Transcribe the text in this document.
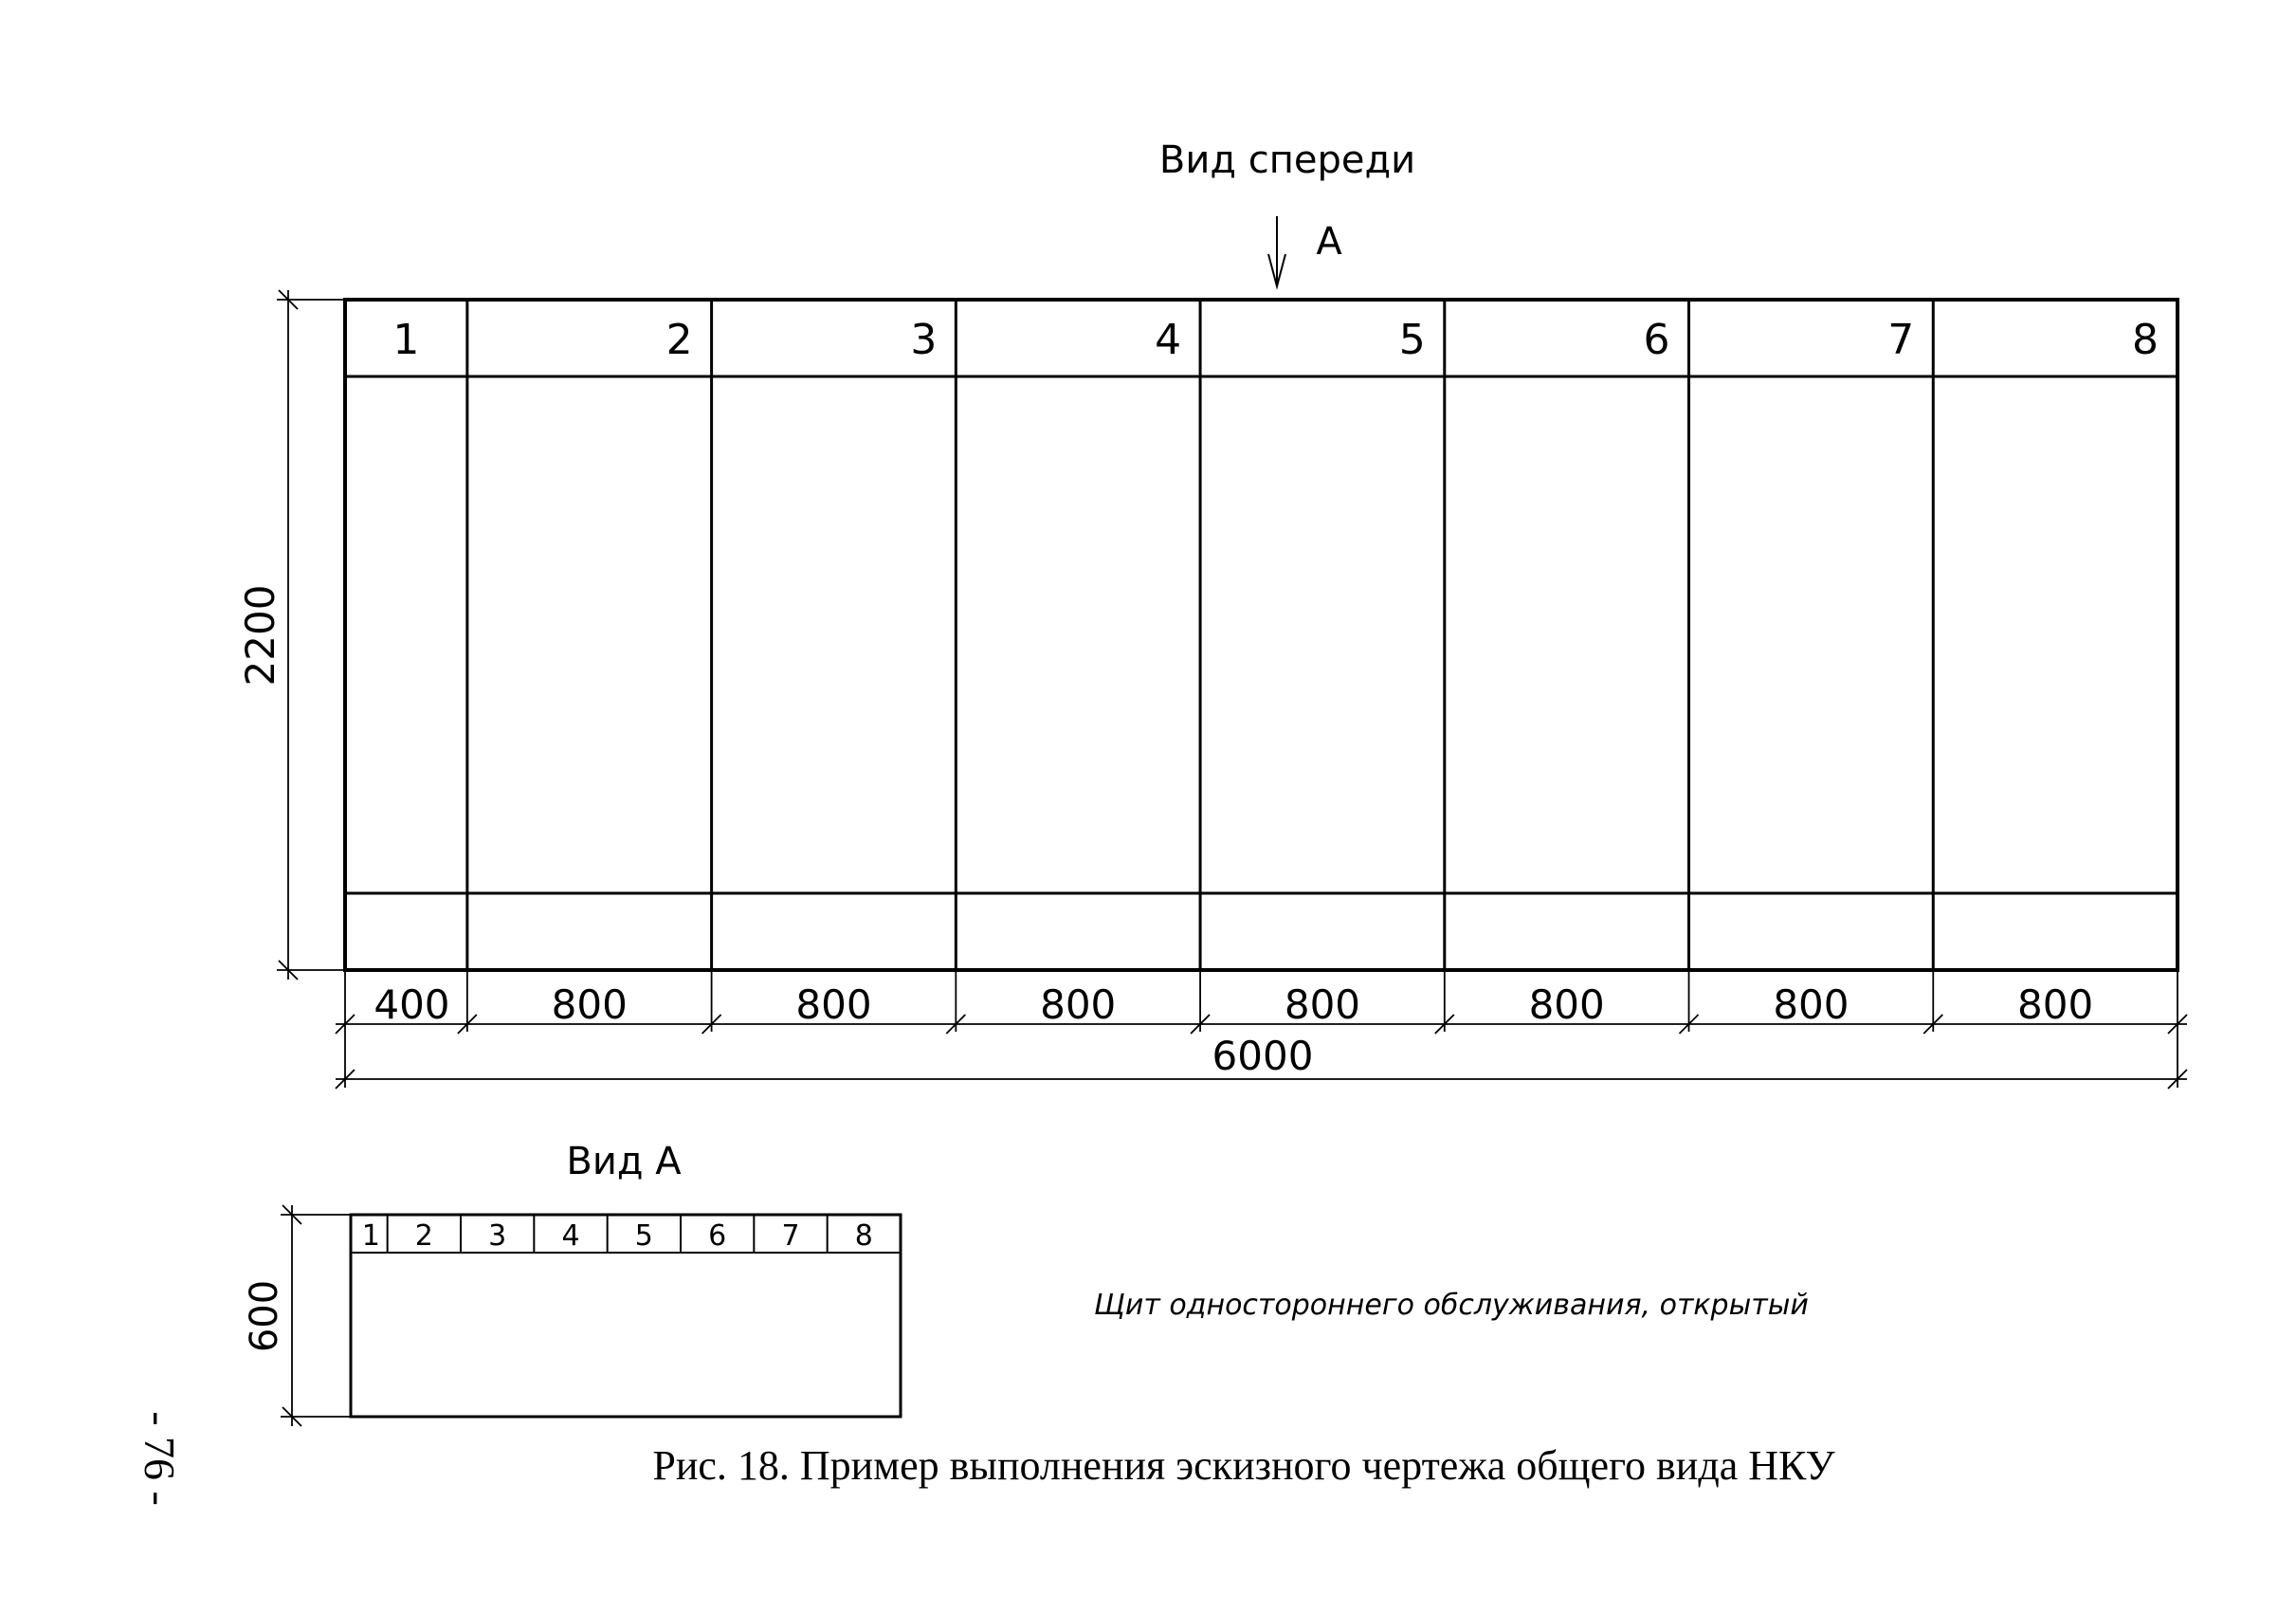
Вид спереди
А
1	2	3	4	5	6	7	8
2200
400	800	800	800	800	800	800	800
6000
Вид А
1 2 3 4 5 6 7 8
600	Щит одностороннего обслуживания, открытый
Рис. 18. Пример выполнения эскизного чертежа общего вида НКУ
- 76 -
